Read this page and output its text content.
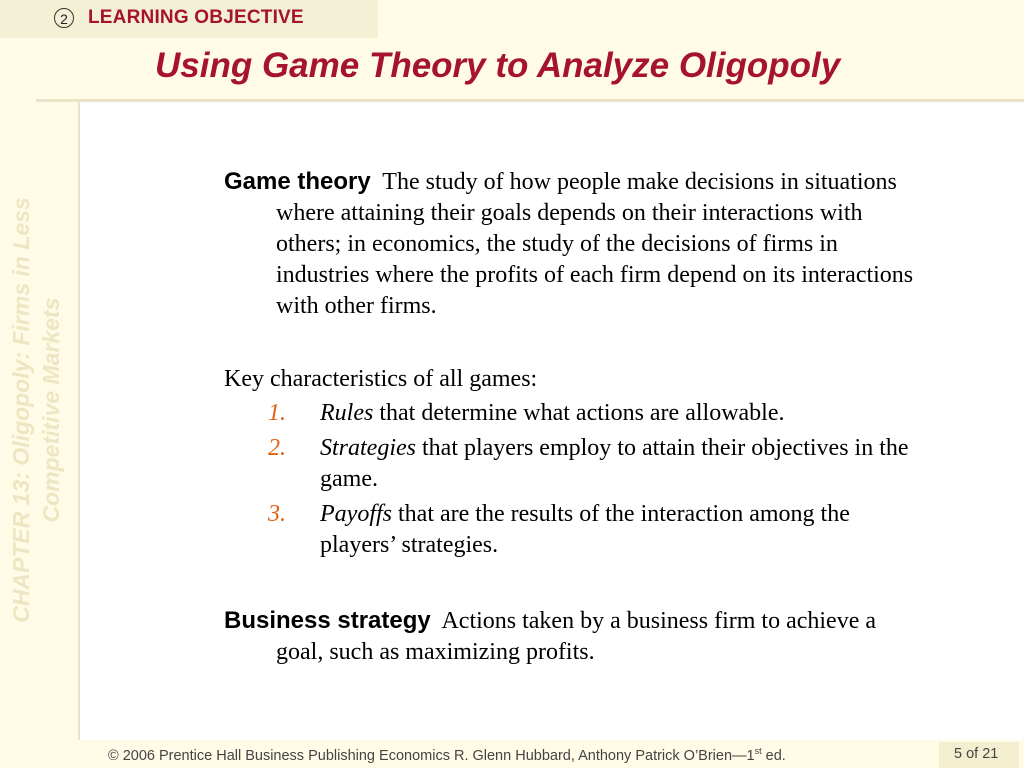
2	LEARNING OBJECTIVE
Using Game Theory to Analyze Oligopoly
CHAPTER 13: Oligopoly: Firms in Less Competitive Markets
Game theory The study of how people make decisions in situations where attaining their goals depends on their interactions with others; in economics, the study of the decisions of firms in industries where the profits of each firm depend on its interactions with other firms.
Key characteristics of all games:
1. Rules that determine what actions are allowable.
2. Strategies that players employ to attain their objectives in the game.
3. Payoffs that are the results of the interaction among the players’ strategies.
Business strategy Actions taken by a business firm to achieve a goal, such as maximizing profits.
© 2006 Prentice Hall Business Publishing Economics R. Glenn Hubbard, Anthony Patrick O’Brien—1st ed.	5 of 21
